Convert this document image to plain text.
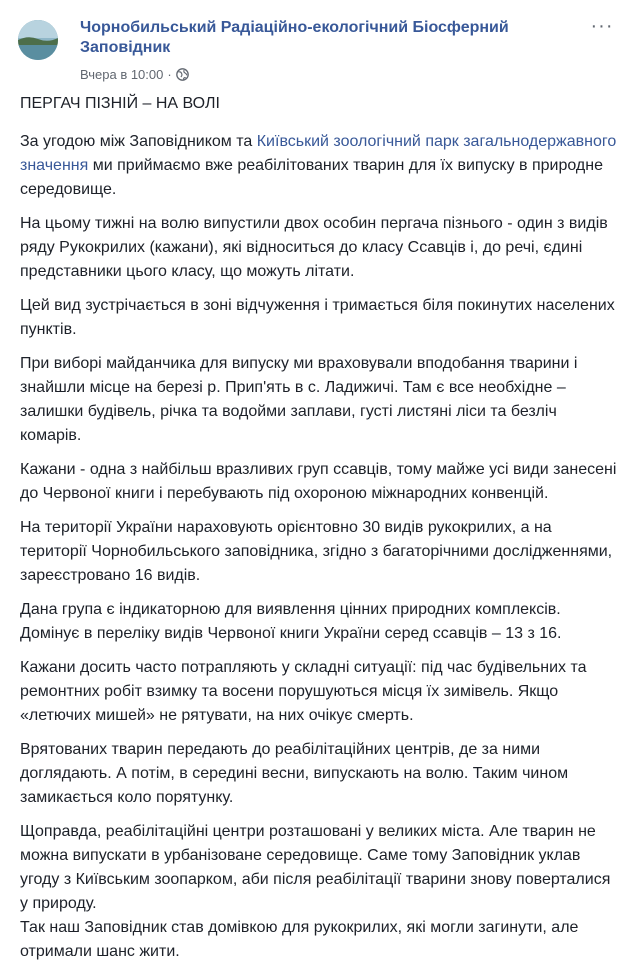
Чорнобильський Радіаційно-екологічний Біосферний Заповідник
Вчера в 10:00 ·
···

ПЕРГАЧ ПІЗНІЙ – НА ВОЛІ

За угодою між Заповідником та Київський зоологічний парк загальнодержавного значення ми приймаємо вже реабілітованих тварин для їх випуску в природне середовище.

На цьому тижні на волю випустили двох особин пергача пізнього - один з видів ряду Рукокрилих (кажани), які відноситься до класу Ссавців і, до речі, єдині представники цього класу, що можуть літати.

Цей вид зустрічається в зоні відчуження і тримається біля покинутих населених пунктів.

При виборі майданчика для випуску ми враховували вподобання тварини і знайшли місце на березі р. Прип'ять в с. Ладижичі. Там є все необхідне – залишки будівель, річка та водойми заплави, густі листяні ліси та безліч комарів.

Кажани - одна з найбільш вразливих груп ссавців, тому майже усі види занесені до Червоної книги і перебувають під охороною міжнародних конвенцій.

На території України нараховують орієнтовно 30 видів рукокрилих, а на території Чорнобильського заповідника, згідно з багаторічними дослідженнями, зареєстровано 16 видів.

Дана група є індикаторною для виявлення цінних природних комплексів. Домінує в переліку видів Червоної книги України серед ссавців – 13 з 16.

Кажани досить часто потрапляють у складні ситуації: під час будівельних та ремонтних робіт взимку та восени порушуються місця їх зимівель. Якщо «летючих мишей» не рятувати, на них очікує смерть.

Врятованих тварин передають до реабілітаційних центрів, де за ними доглядають. А потім, в середині весни, випускають на волю. Таким чином замикається коло порятунку.

Щоправда, реабілітаційні центри розташовані у великих міста. Але тварин не можна випускати в урбанізоване середовище. Саме тому Заповідник уклав угоду з Київським зоопарком, аби після реабілітації тварини знову поверталися у природу.

Так наш Заповідник став домівкою для рукокрилих, які могли загинути, але отримали шанс жити.
